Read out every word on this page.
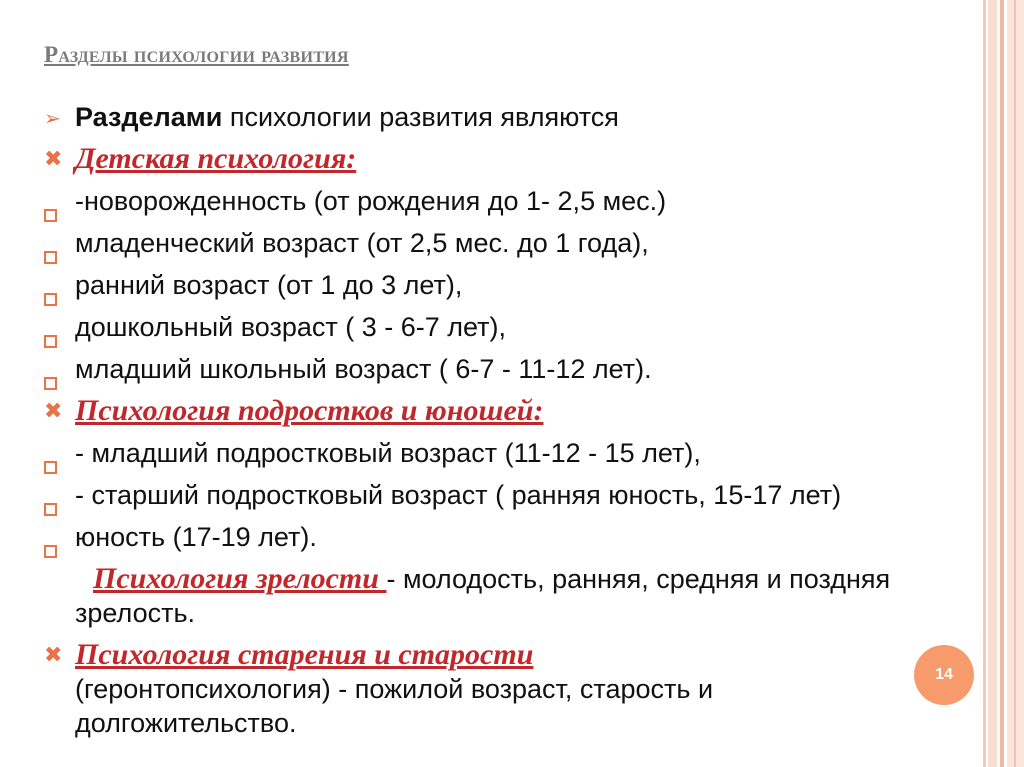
Разделы психологии развития
➢ Разделами психологии развития являются
✖ Детская психология:
-новорожденность (от рождения до 1- 2,5 мес.)
младенческий возраст (от 2,5 мес. до 1 года),
ранний возраст (от 1 до 3 лет),
дошкольный возраст ( 3 - 6-7 лет),
младший школьный возраст ( 6-7 - 11-12 лет).
✖ Психология подростков и юношей:
- младший подростковый возраст (11-12 - 15 лет),
- старший подростковый возраст ( ранняя юность, 15-17 лет)
юность (17-19 лет).
Психология зрелости - молодость, ранняя, средняя и поздняя зрелость.
✖ Психология старения и старости
(геронтопсихология) - пожилой возраст, старость и долгожительство.
14
